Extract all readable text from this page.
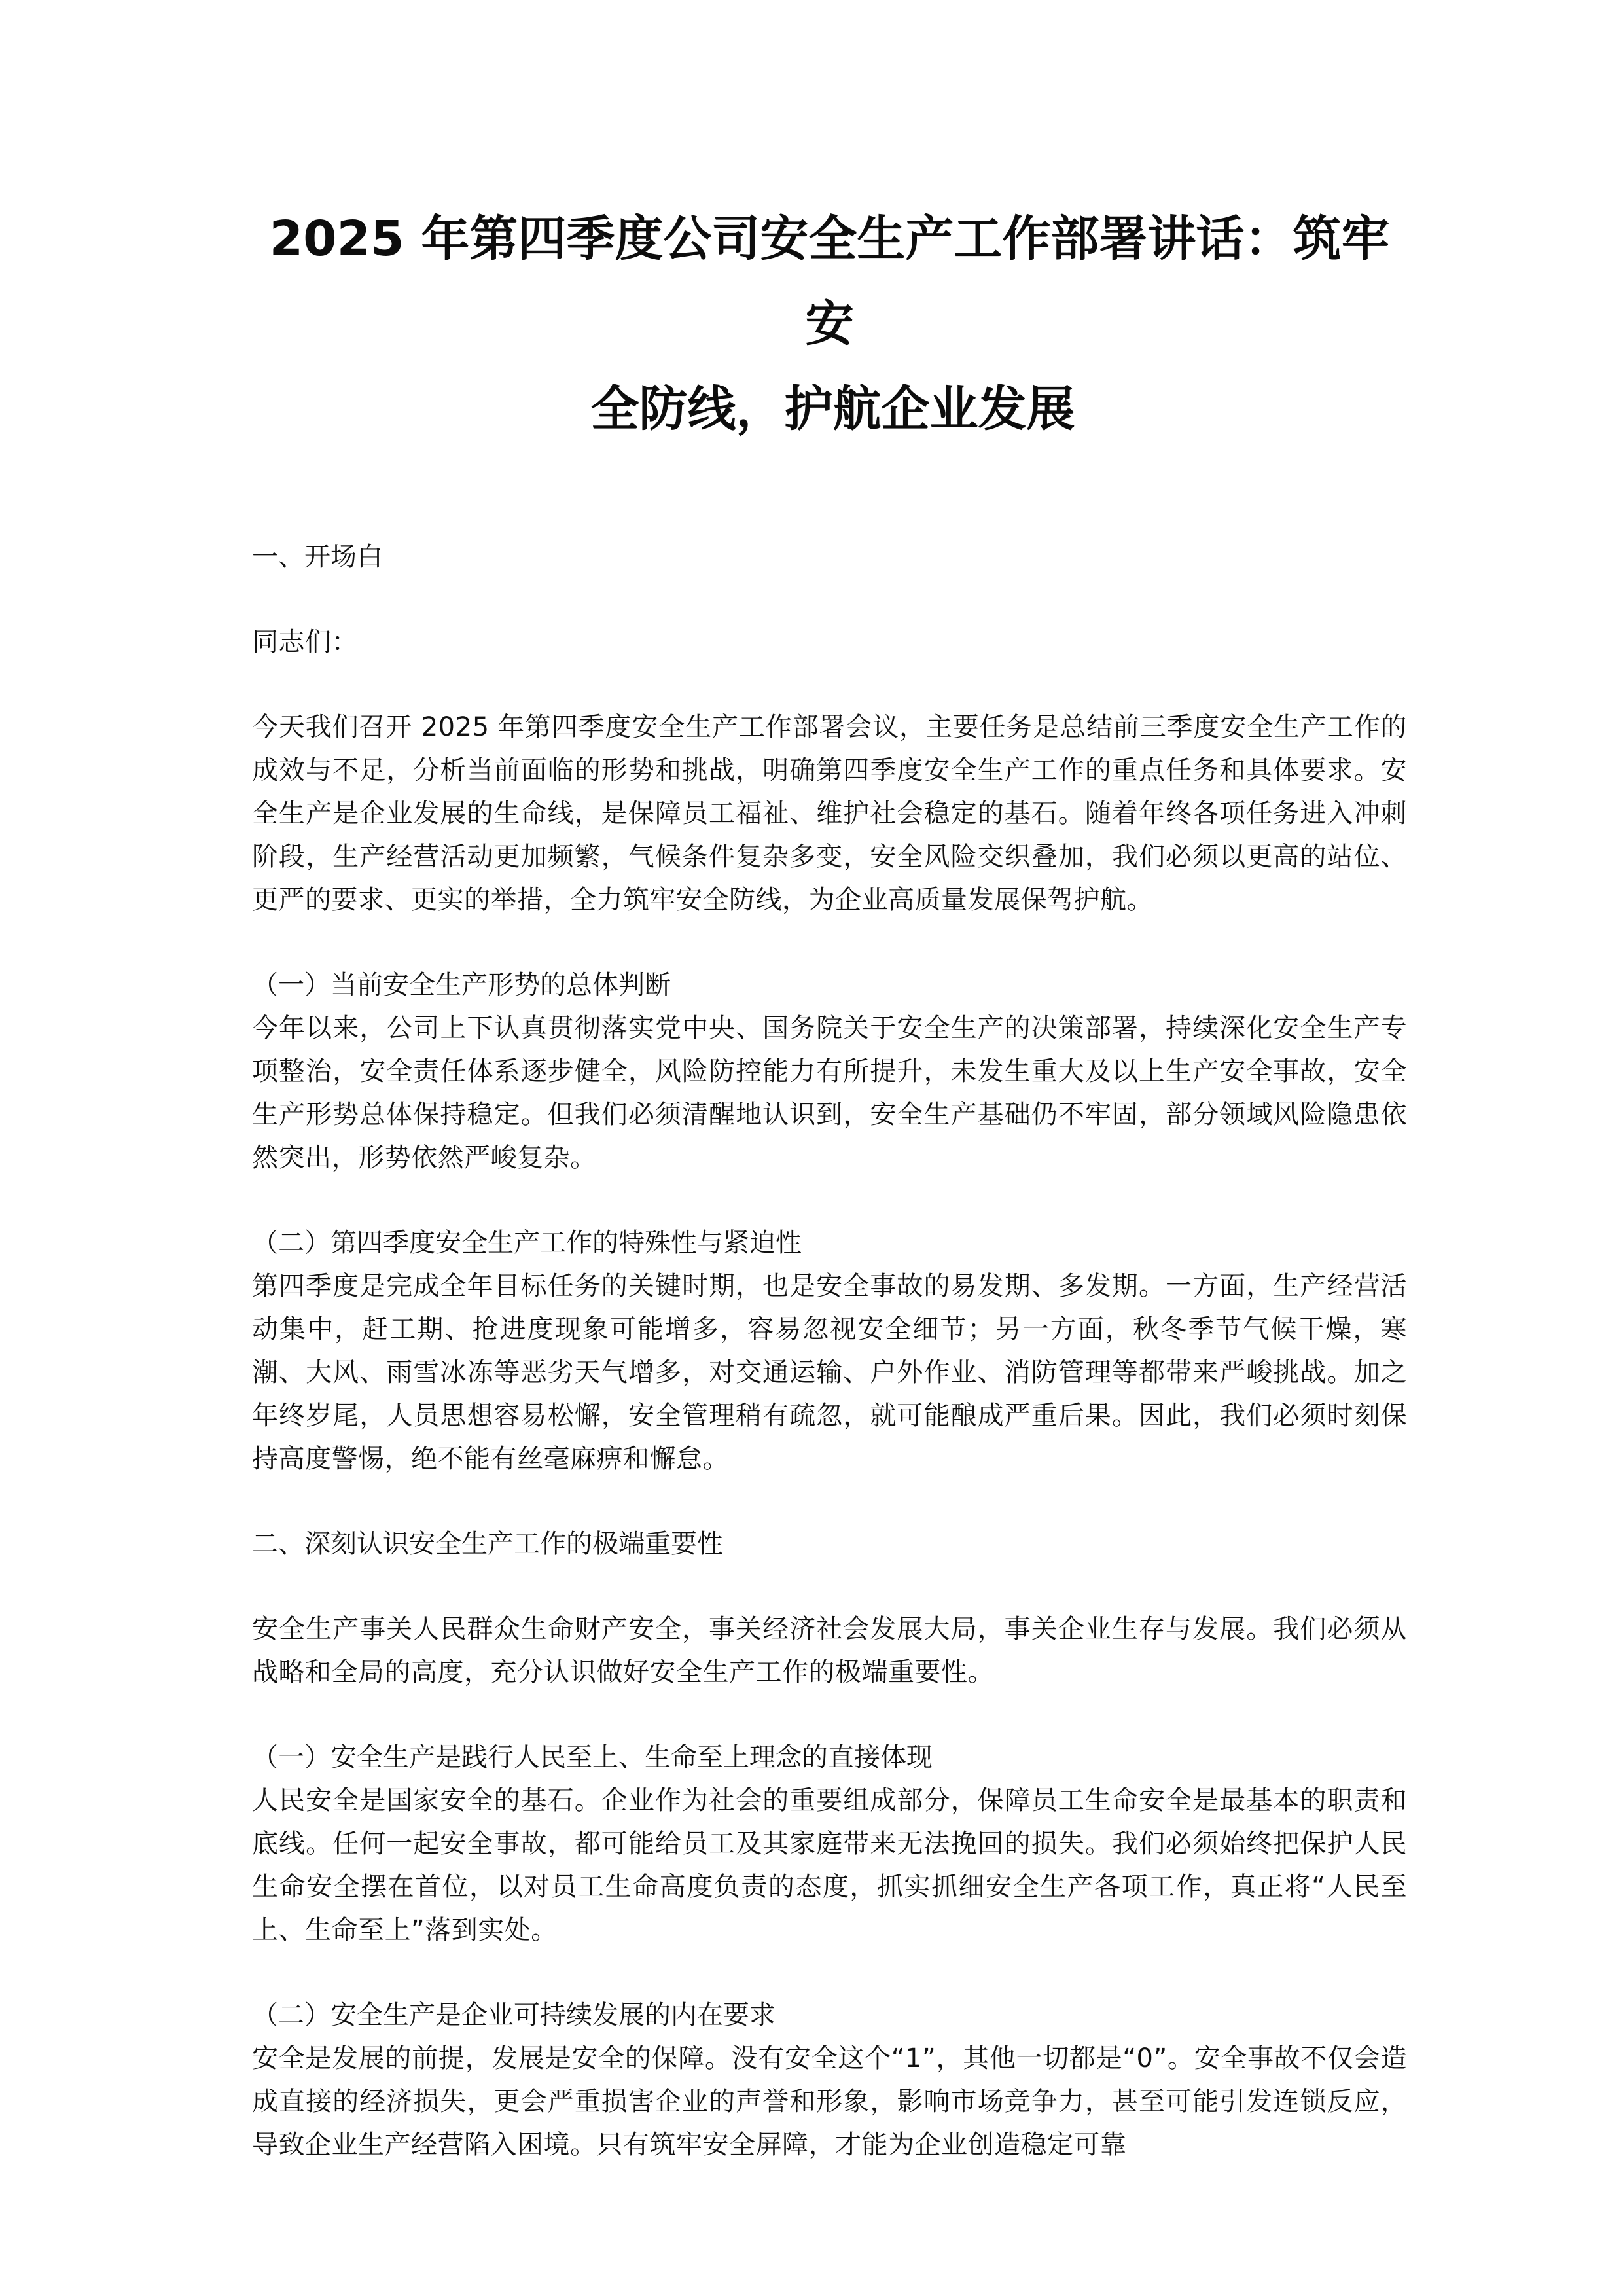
2025 年第四季度公司安全生产工作部署讲话：筑牢安
全防线，护航企业发展

一、开场白

同志们：

今天我们召开 2025 年第四季度安全生产工作部署会议，主要任务是总结前三季度安全生产工作的成效与不足，分析当前面临的形势和挑战，明确第四季度安全生产工作的重点任务和具体要求。安全生产是企业发展的生命线，是保障员工福祉、维护社会稳定的基石。随着年终各项任务进入冲刺阶段，生产经营活动更加频繁，气候条件复杂多变，安全风险交织叠加，我们必须以更高的站位、更严的要求、更实的举措，全力筑牢安全防线，为企业高质量发展保驾护航。

（一）当前安全生产形势的总体判断

今年以来，公司上下认真贯彻落实党中央、国务院关于安全生产的决策部署，持续深化安全生产专项整治，安全责任体系逐步健全，风险防控能力有所提升，未发生重大及以上生产安全事故，安全生产形势总体保持稳定。但我们必须清醒地认识到，安全生产基础仍不牢固，部分领域风险隐患依然突出，形势依然严峻复杂。

（二）第四季度安全生产工作的特殊性与紧迫性

第四季度是完成全年目标任务的关键时期，也是安全事故的易发期、多发期。一方面，生产经营活动集中，赶工期、抢进度现象可能增多，容易忽视安全细节；另一方面，秋冬季节气候干燥，寒潮、大风、雨雪冰冻等恶劣天气增多，对交通运输、户外作业、消防管理等都带来严峻挑战。加之年终岁尾，人员思想容易松懈，安全管理稍有疏忽，就可能酿成严重后果。因此，我们必须时刻保持高度警惕，绝不能有丝毫麻痹和懈怠。

二、深刻认识安全生产工作的极端重要性

安全生产事关人民群众生命财产安全，事关经济社会发展大局，事关企业生存与发展。我们必须从战略和全局的高度，充分认识做好安全生产工作的极端重要性。

（一）安全生产是践行人民至上、生命至上理念的直接体现

人民安全是国家安全的基石。企业作为社会的重要组成部分，保障员工生命安全是最基本的职责和底线。任何一起安全事故，都可能给员工及其家庭带来无法挽回的损失。我们必须始终把保护人民生命安全摆在首位，以对员工生命高度负责的态度，抓实抓细安全生产各项工作，真正将“人民至上、生命至上”落到实处。

（二）安全生产是企业可持续发展的内在要求

安全是发展的前提，发展是安全的保障。没有安全这个“1”，其他一切都是“0”。安全事故不仅会造成直接的经济损失，更会严重损害企业的声誉和形象，影响市场竞争力，甚至可能引发连锁反应，导致企业生产经营陷入困境。只有筑牢安全屏障，才能为企业创造稳定可靠
